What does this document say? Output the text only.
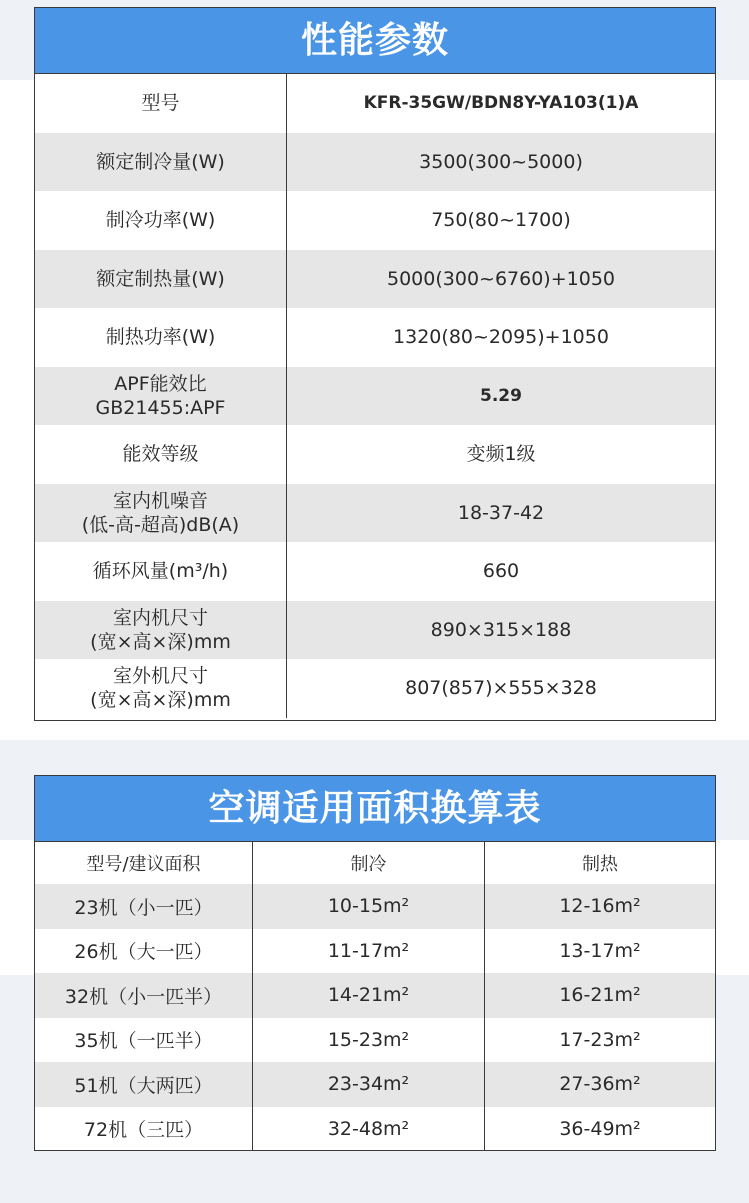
性能参数
型号	KFR-35GW/BDN8Y-YA103(1)A

额定制冷量(W)	3500(300~5000)

制冷功率(W)	750(80~1700)

额定制热量(W)	5000(300~6760)+1050

制热功率(W)	1320(80~2095)+1050

APF能效比
GB21455:APF	5.29

能效等级	变频1级

室内机噪音
(低-高-超高)dB(A)	18-37-42

循环风量(m³/h)	660

室内机尺寸
(宽×高×深)mm	890×315×188

室外机尺寸
(宽×高×深)mm	807(857)×555×328
空调适用面积换算表
型号/建议面积	制冷	制热
23机（小一匹）	10-15m²	12-16m²
26机（大一匹）	11-17m²	13-17m²
32机（小一匹半）	14-21m²	16-21m²
35机（一匹半）	15-23m²	17-23m²
51机（大两匹）	23-34m²	27-36m²
72机（三匹）	32-48m²	36-49m²
